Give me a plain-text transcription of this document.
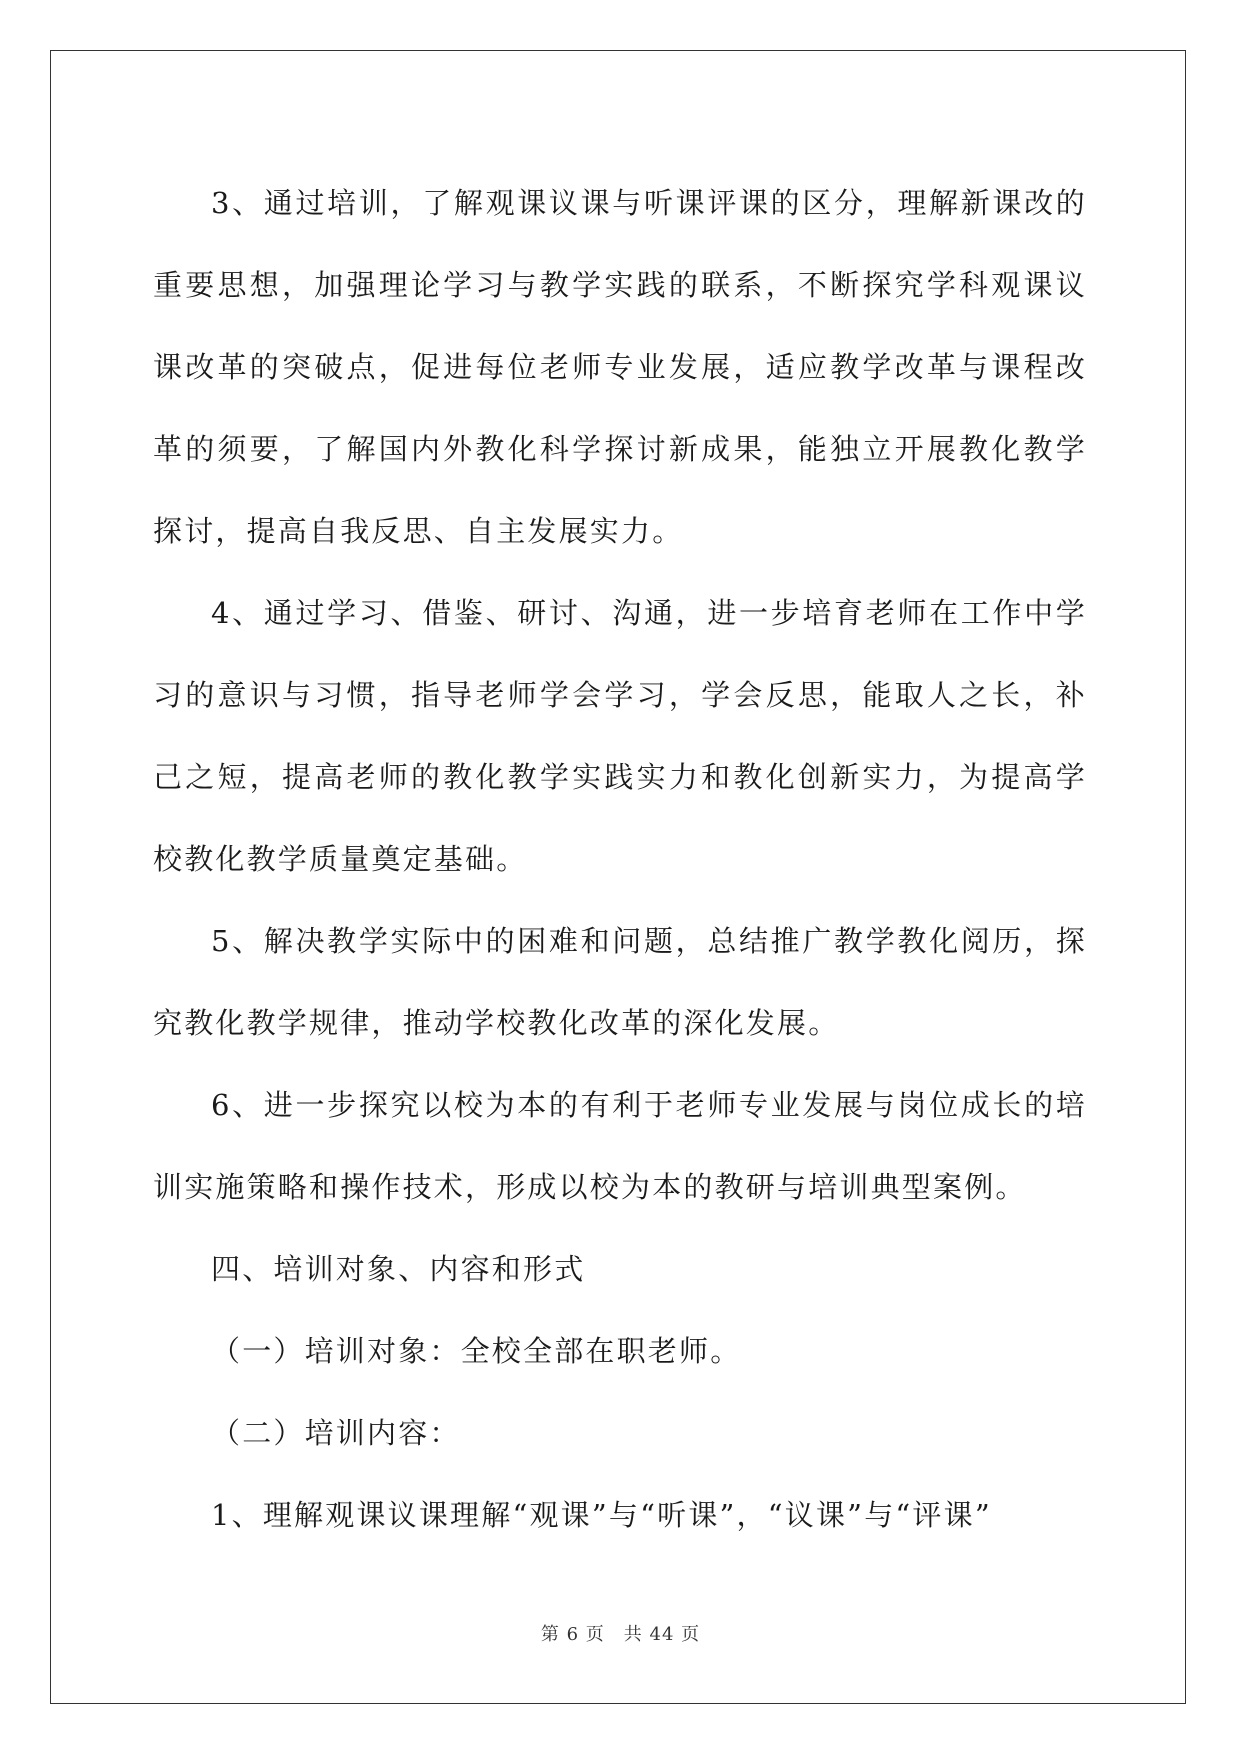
3、通过培训，了解观课议课与听课评课的区分，理解新课改的重要思想，加强理论学习与教学实践的联系，不断探究学科观课议课改革的突破点，促进每位老师专业发展，适应教学改革与课程改革的须要，了解国内外教化科学探讨新成果，能独立开展教化教学探讨，提高自我反思、自主发展实力。

4、通过学习、借鉴、研讨、沟通，进一步培育老师在工作中学习的意识与习惯，指导老师学会学习，学会反思，能取人之长，补己之短，提高老师的教化教学实践实力和教化创新实力，为提高学校教化教学质量奠定基础。

5、解决教学实际中的困难和问题，总结推广教学教化阅历，探究教化教学规律，推动学校教化改革的深化发展。

6、进一步探究以校为本的有利于老师专业发展与岗位成长的培训实施策略和操作技术，形成以校为本的教研与培训典型案例。

四、培训对象、内容和形式

（一）培训对象：全校全部在职老师。

（二）培训内容：

1、理解观课议课理解“观课”与“听课”，“议课”与“评课”

第 6 页　共 44 页
